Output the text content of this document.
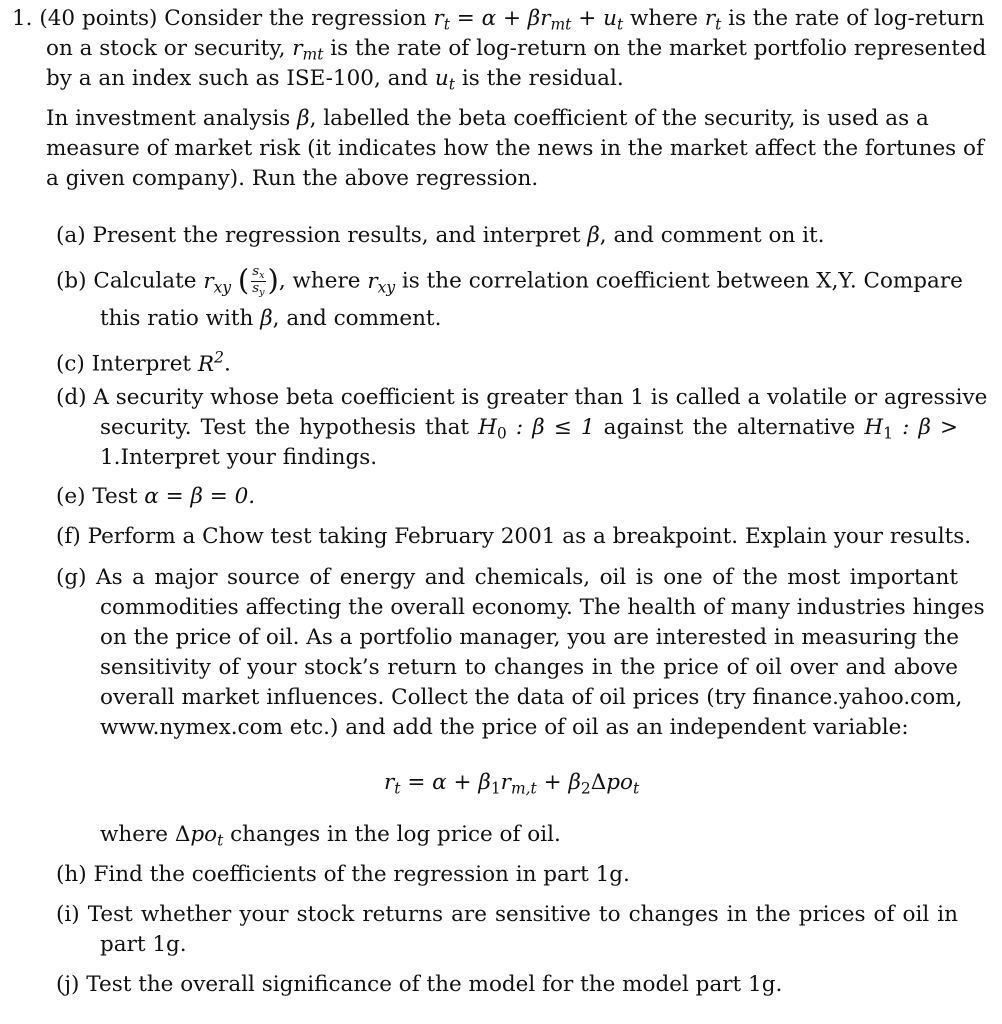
1. (40 points) Consider the regression $r_t = \alpha + \beta r_{mt} + u_t$ where $r_t$ is the rate of log-return
on a stock or security, $r_{mt}$ is the rate of log-return on the market portfolio represented
by a an index such as ISE-100, and $u_t$ is the residual.
In investment analysis β, labelled the beta coefficient of the security, is used as a
measure of market risk (it indicates how the news in the market affect the fortunes of
a given company). Run the above regression.
(a) Present the regression results, and interpret β, and comment on it.
(b) Calculate $r_{xy}$ ( $\frac{s_x}{s_y}$ ), where $r_{xy}$ is the correlation coefficient between X,Y. Compare
this ratio with β, and comment.
(c) Interpret $R^2$.
(d) A security whose beta coefficient is greater than 1 is called a volatile or agressive
security. Test the hypothesis that $H_0$ : β ≤ 1 against the alternative $H_1$ : β >
1.Interpret your findings.
(e) Test α = β = 0.
(f) Perform a Chow test taking February 2001 as a breakpoint. Explain your results.
(g) As a major source of energy and chemicals, oil is one of the most important
commodities affecting the overall economy. The health of many industries hinges
on the price of oil. As a portfolio manager, you are interested in measuring the
sensitivity of your stock’s return to changes in the price of oil over and above
overall market influences. Collect the data of oil prices (try finance.yahoo.com,
www.nymex.com etc.) and add the price of oil as an independent variable:
$r_t = \alpha + \beta_1r_{m,t} + \beta_2\Delta po_t$
where Δpo$_t$ changes in the log price of oil.
(h) Find the coefficients of the regression in part 1g.
(i) Test whether your stock returns are sensitive to changes in the prices of oil in
part 1g.
(j) Test the overall significance of the model for the model part 1g.
